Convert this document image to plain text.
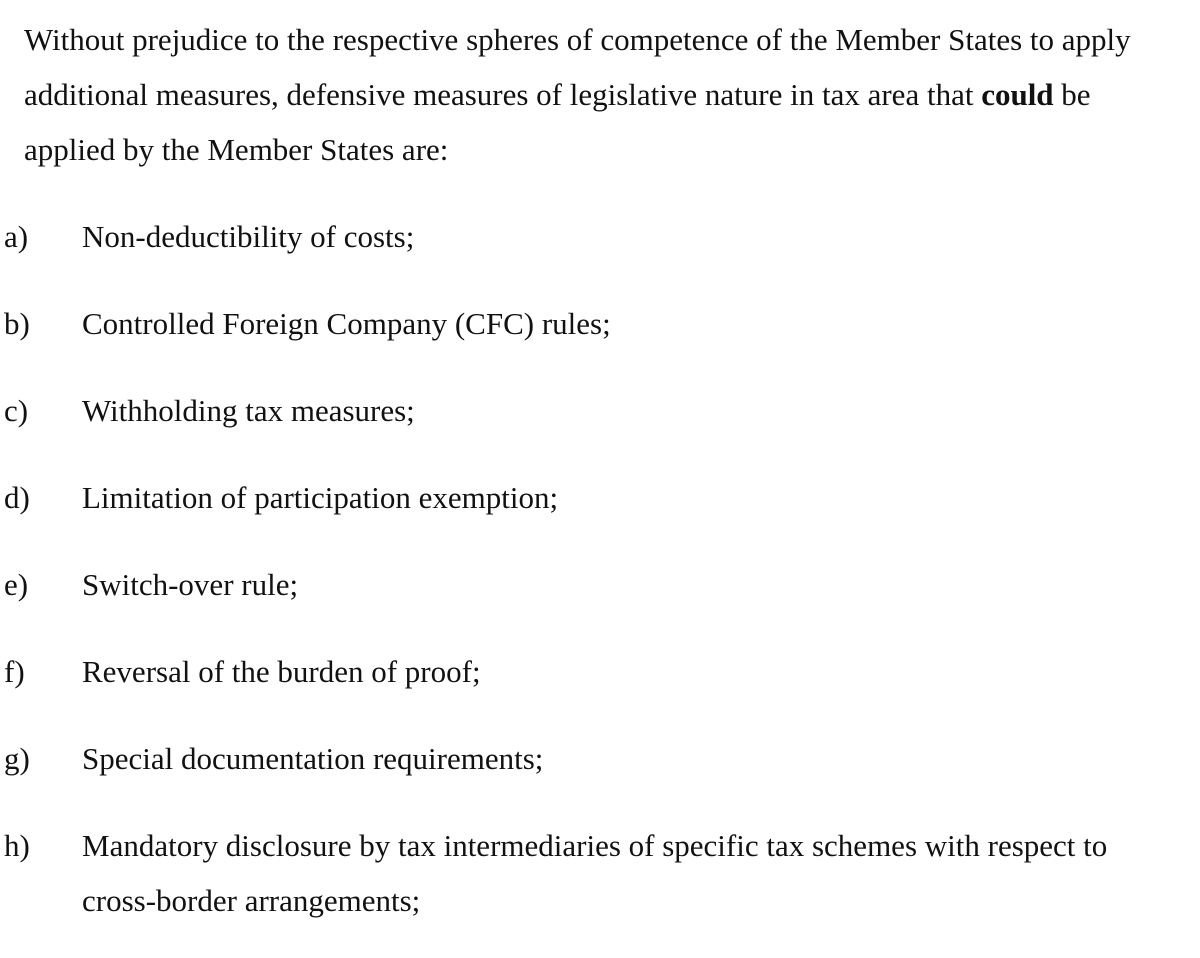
Without prejudice to the respective spheres of competence of the Member States to apply additional measures, defensive measures of legislative nature in tax area that could be applied by the Member States are:

a) Non-deductibility of costs;
b) Controlled Foreign Company (CFC) rules;
c) Withholding tax measures;
d) Limitation of participation exemption;
e) Switch-over rule;
f) Reversal of the burden of proof;
g) Special documentation requirements;
h) Mandatory disclosure by tax intermediaries of specific tax schemes with respect to cross-border arrangements;
